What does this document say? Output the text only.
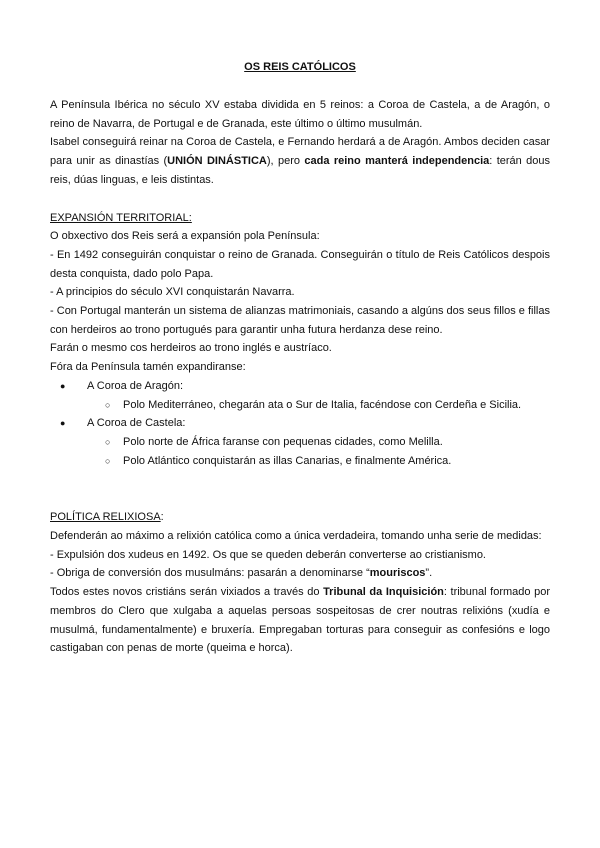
OS REIS CATÓLICOS

A Península Ibérica no século XV estaba dividida en 5 reinos: a Coroa de Castela, a de Aragón, o reino de Navarra, de Portugal e de Granada, este último o último musulmán.

Isabel conseguirá reinar na Coroa de Castela, e Fernando herdará a de Aragón. Ambos deciden casar para unir as dinastías (UNIÓN DINÁSTICA), pero cada reino manterá independencia: terán dous reis, dúas linguas, e leis distintas.

EXPANSIÓN TERRITORIAL:

O obxectivo dos Reis será a expansión pola Península:

- En 1492 conseguirán conquistar o reino de Granada. Conseguirán o título de Reis Católicos despois desta conquista, dado polo Papa.

- A principios do século XVI conquistarán Navarra.

- Con Portugal manterán un sistema de alianzas matrimoniais, casando a algúns dos seus fillos e fillas con herdeiros ao trono portugués para garantir unha futura herdanza dese reino.

Farán o mesmo cos herdeiros ao trono inglés e austríaco.

Fóra da Península tamén expandiranse:

● A Coroa de Aragón:
○ Polo Mediterráneo, chegarán ata o Sur de Italia, facéndose con Cerdeña e Sicilia.
● A Coroa de Castela:
○ Polo norte de África faranse con pequenas cidades, como Melilla.
○ Polo Atlántico conquistarán as illas Canarias, e finalmente América.

POLÍTICA RELIXIOSA:

Defenderán ao máximo a relixión católica como a única verdadeira, tomando unha serie de medidas:

- Expulsión dos xudeus en 1492. Os que se queden deberán converterse ao cristianismo.

- Obriga de conversión dos musulmáns: pasarán a denominarse “mouriscos”.

Todos estes novos cristiáns serán vixiados a través do Tribunal da Inquisición: tribunal formado por membros do Clero que xulgaba a aquelas persoas sospeitosas de crer noutras relixións (xudía e musulmá, fundamentalmente) e bruxería. Empregaban torturas para conseguir as confesións e logo castigaban con penas de morte (queima e horca).
